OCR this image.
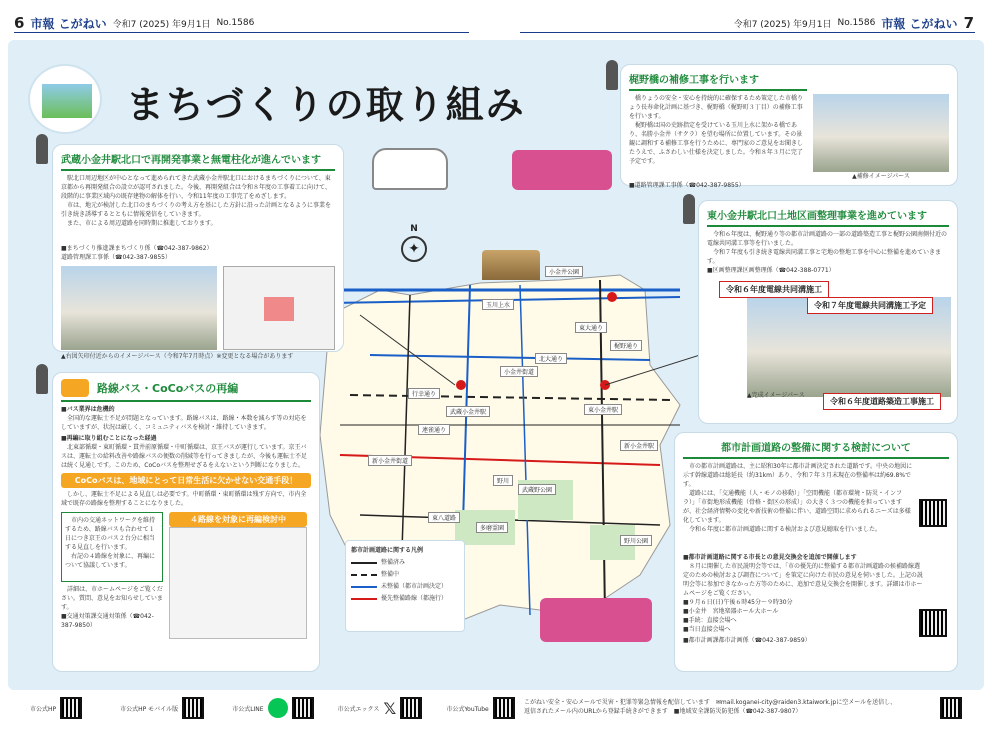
6 市報 こがねい 令和7 (2025) 年9月1日 No.1586	令和7 (2025) 年9月1日 No.1586 市報 こがねい 7
まちづくりの取り組み
玉川上水
北大通り
東大通り
梶野通り
連雀通り
新小金井街道
東八道路
小金井街道
行幸通り
小金井公園
武蔵小金井駅	東小金井駅
野川
多磨霊園
武蔵野公園
野川公園
新小金井駅
N
✦
都市計画道路に関する凡例
整備済み
整備中
未整備（都市計画決定）
優先整備路線（都施行）
武蔵小金井駅北口で再開発事業と無電柱化が進んでいます
　駅北口周辺地区が中心となって進められてきた武蔵小金井駅北口におけるまちづくりについて、東京都から再開発組合の設立が認可されました。今後、再開発組合は令和８年度の工事着工に向けて、段階的に事業区域内の既存建物の解体を行い、令和11年度の工事完了をめざします。
　市は、地元が検討した北口のまちづくりの考え方を基にした方針に沿った計画となるように事業を引き続き誘導するとともに情報発信をしていきます。
　また、市による周辺道路を同時期に推進しております。
■まちづくり推進課まちづくり係（☎042-387-9862）
道路管理課工事係（☎042-387-9855）
▲右図矢印付近からのイメージパース（令和7年7月時点）※変更となる場合があります
梶野橋の補修工事を行います
　橋りょうの安全・安心を持続的に確保するため策定した市橋りょう長寿命化計画に基づき、梶野橋（梶野町３丁目）の補修工事を行います。
　梶野橋は国の史跡指定を受けている玉川上水に架かる橋であり、名勝小金井（サクラ）を望む場所に位置しています。その景観に調和する補修工事を行うために、専門家のご意見をお聞きしたうえで、ふさわしい仕様を決定しました。令和８年３月に完了予定です。
▲補修イメージパース
■道路管理課工事係（☎042-387-9855）
東小金井駅北口土地区画整理事業を進めています
　令和６年度は、梶野通り等の都市計画道路の一部の道路築造工事と梶野公園南側付近の電線共同溝工事等を行いました。
　令和７年度も引き続き電線共同溝工事と宅地の整地工事を中心に整備を進めていきます。
■区画整理課区画整理係（☎042-388-0771）
令和６年度電線共同溝施工
令和７年度電線共同溝施工予定
令和６年度道路築造工事施工
▲完成イメージパース
路線バス・CoCoバスの再編
■バス業界は危機的
　全国的な運転士不足が問題となっています。路線バスは、路線・本数を減らす等の対応をしていますが、状況は厳しく、コミュニティバスを検討・維持していきます。
■再編に取り組むことになった経過
　北東部循環・東町循環・貫井前原循環・中町循環は、京王バスが運行しています。京王バスは、運転士の給料改善や路線バスの便数の削減等を行ってきましたが、今後も運転士不足は続く見通しです。このため、CoCoバスを整理せざるをえないという判断になりました。
CoCoバスは、地域にとって日常生活に欠かせない交通手段！
　しかし、運転士不足による見直しは必要です。中町循環・東町循環は残す方向で、市内全域で既存の路線を整理することになりました。
　市内の交通ネットワークを維持するため、路線バスも合わせて１日につき京王のバス２台分に相当する見直しを行います。
　右記の４路線を対象に、再編について協議しています。
　詳細は、市ホームページをご覧ください。質問、意見をお知らせしています。
■交通対策課交通対策係（☎042-387-9850）
４路線を対象に再編検討中
都市計画道路の整備に関する検討について
　市の都市計画道路は、主に昭和30年に都市計画決定された道路です。中央の地図に示す幹線道路は総延長（約31km）あり、令和７年３月末現在の整備率は約69.8%です。
　道路には、「交通機能（人・モノの移動）」「空間機能（都市環境・防災・インフラ）」「市街地形成機能（骨格・街区の形成）」の大きく３つの機能を担っていますが、社会経済情勢の変化や新技術の整備に伴い、道路空間に求められるニーズは多様化しています。
　令和６年度に都市計画道路に関する検討および意見聴取を行いました。
■都市計画道路に関する市長との意見交換会を追加で開催します
　８月に開催した市民説明会等では、「市の優先的に整備する都市計画道路の候補路線選定のための検討および調査について」を策定に向けた市民の意見を伺いました。上記の説明会等に参加できなかった方等のために、追加で意見交換会を開催します。詳細は市ホームページをご覧ください。
■９月６日(日)午後６時45分～９時30分
■小金井　宮地楽器ホール大ホール
■手続：直接会場へ
■当日直接会場へ
■都市計画課都市計画係（☎042-387-9859）
市公式HP	市公式HP モバイル版	市公式LINE	市公式エックス 𝕏	市公式YouTube
こがねい安全・安心メールで災害・犯罪等緊急情報を配信しています　✉mail.koganei-city@raiden3.ktaiwork.jpに空メールを送信し、
返信されたメール内のURLから登録手続きができます　■地域安全課防災防犯係（☎042-387-9807）
